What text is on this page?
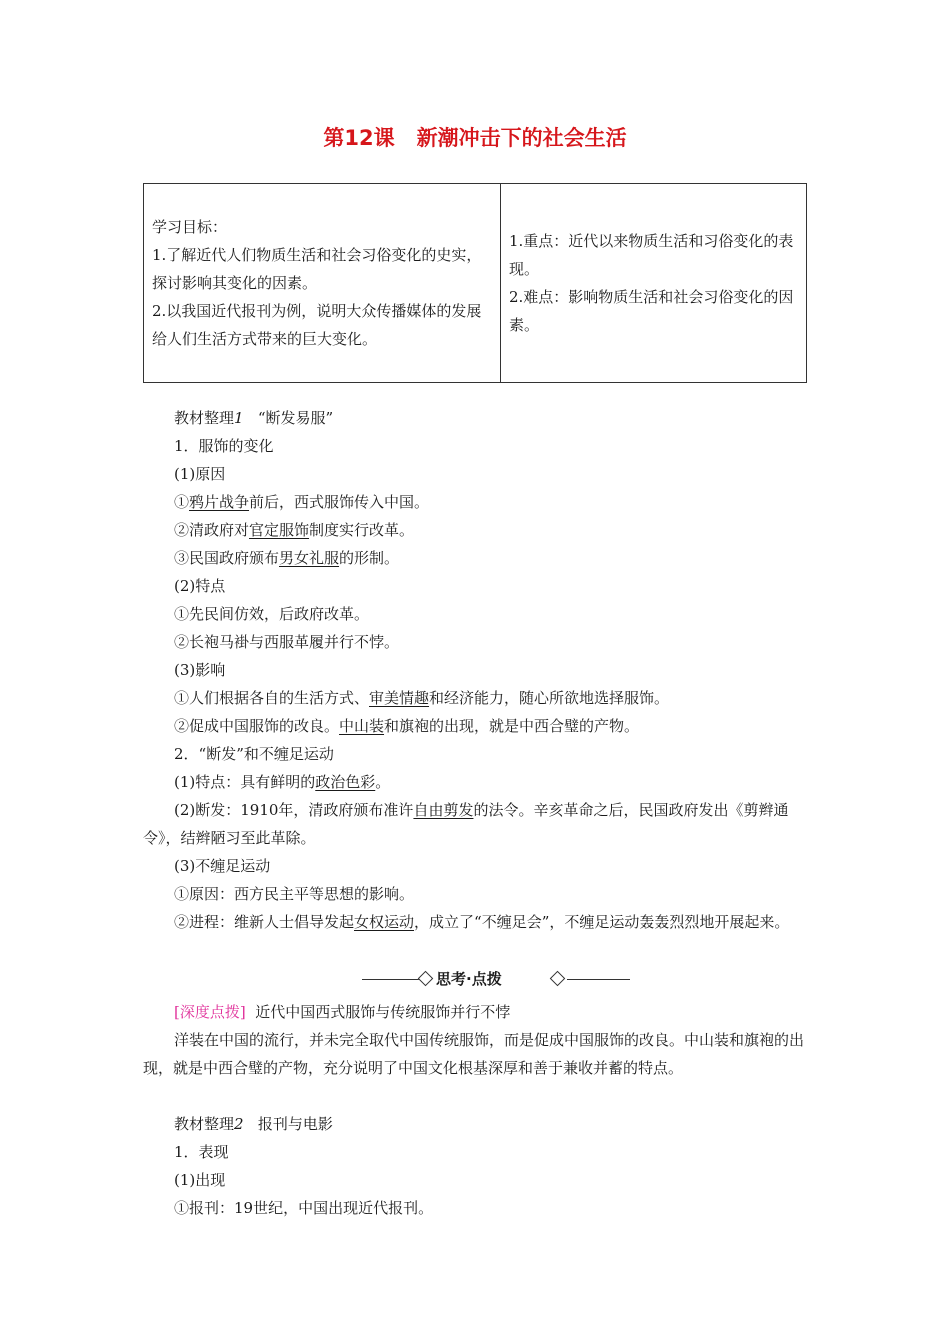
第12课 新潮冲击下的社会生活
学习目标：
1.了解近代人们物质生活和社会习俗变化的史实，探讨影响其变化的因素。
2.以我国近代报刊为例，说明大众传播媒体的发展给人们生活方式带来的巨大变化。

1.重点：近代以来物质生活和习俗变化的表现。
2.难点：影响物质生活和社会习俗变化的因素。
教材整理1 “断发易服”
1．服饰的变化
(1)原因
①鸦片战争前后，西式服饰传入中国。
②清政府对官定服饰制度实行改革。
③民国政府颁布男女礼服的形制。
(2)特点
①先民间仿效，后政府改革。
②长袍马褂与西服革履并行不悖。
(3)影响
①人们根据各自的生活方式、审美情趣和经济能力，随心所欲地选择服饰。
②促成中国服饰的改良。中山装和旗袍的出现，就是中西合璧的产物。
2．“断发”和不缠足运动
(1)特点：具有鲜明的政治色彩。
(2)断发：1910年，清政府颁布准许自由剪发的法令。辛亥革命之后，民国政府发出《剪辫通令》，结辫陋习至此革除。
(3)不缠足运动
①原因：西方民主平等思想的影响。
②进程：维新人士倡导发起女权运动，成立了“不缠足会”，不缠足运动轰轰烈烈地开展起来。
思考·点拨
[深度点拨] 近代中国西式服饰与传统服饰并行不悖
洋装在中国的流行，并未完全取代中国传统服饰，而是促成中国服饰的改良。中山装和旗袍的出现，就是中西合璧的产物，充分说明了中国文化根基深厚和善于兼收并蓄的特点。
教材整理2 报刊与电影
1．表现
(1)出现
①报刊：19世纪，中国出现近代报刊。
